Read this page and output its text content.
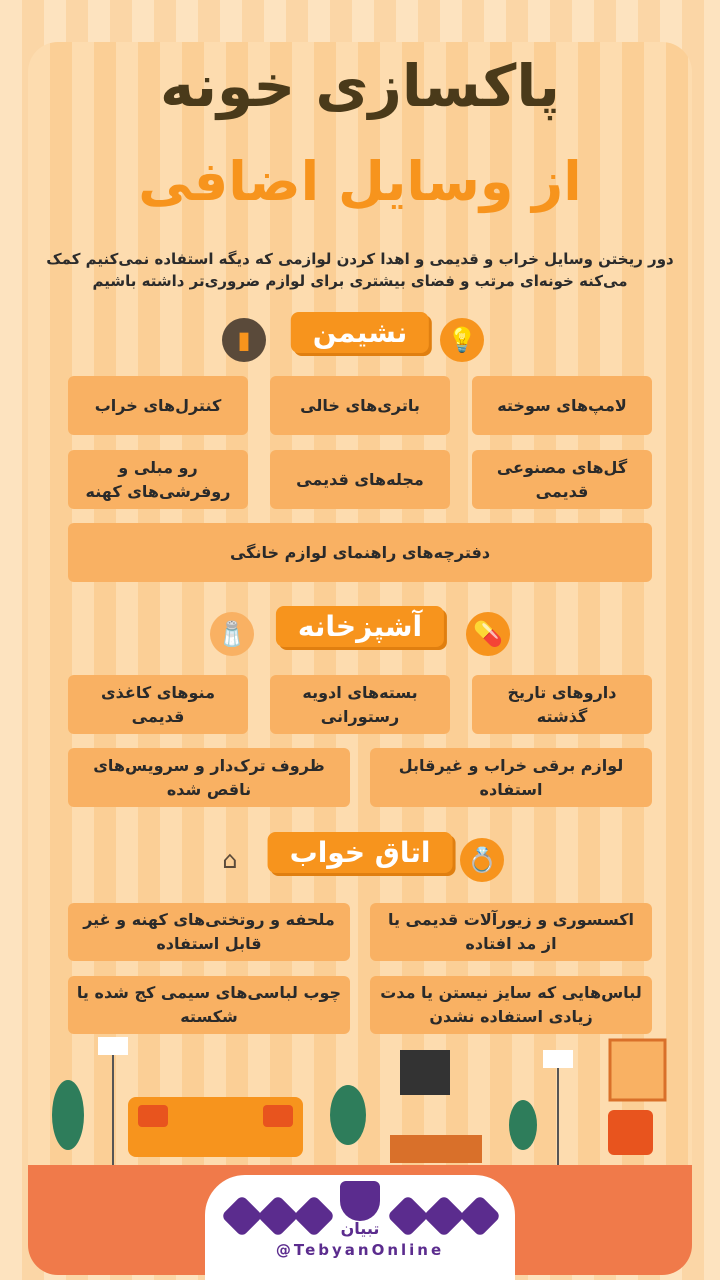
پاکسازی خونه
از وسایل اضافی
دور ریختن وسایل خراب و قدیمی و اهدا کردن لوازمی که دیگه استفاده نمی‌کنیم کمک می‌کنه خونه‌ای مرتب و فضای بیشتری برای لوازم ضروری‌تر داشته باشیم
نشیمن
▮	💡
لامپ‌های سوخته
باتری‌های خالی
کنترل‌های خراب
گل‌های مصنوعی قدیمی
مجله‌های قدیمی
رو مبلی و روفرشی‌های کهنه
دفترچه‌های راهنمای لوازم خانگی
آشپزخانه
🧂	💊
داروهای تاریخ گذشته
بسته‌های ادویه رستورانی
منوهای کاغذی قدیمی
لوازم برقی خراب و غیرقابل استفاده
ظروف ترک‌دار و سرویس‌های ناقص شده
اتاق خواب
⌂	💍
اکسسوری و زیورآلات قدیمی یا از مد افتاده
ملحفه و روتختی‌های کهنه و غیر قابل استفاده
لباس‌هایی که سایز نیستن یا مدت زیادی استفاده نشدن
چوب لباسی‌های سیمی کج شده یا شکسته
تبیان
@TebyanOnline
